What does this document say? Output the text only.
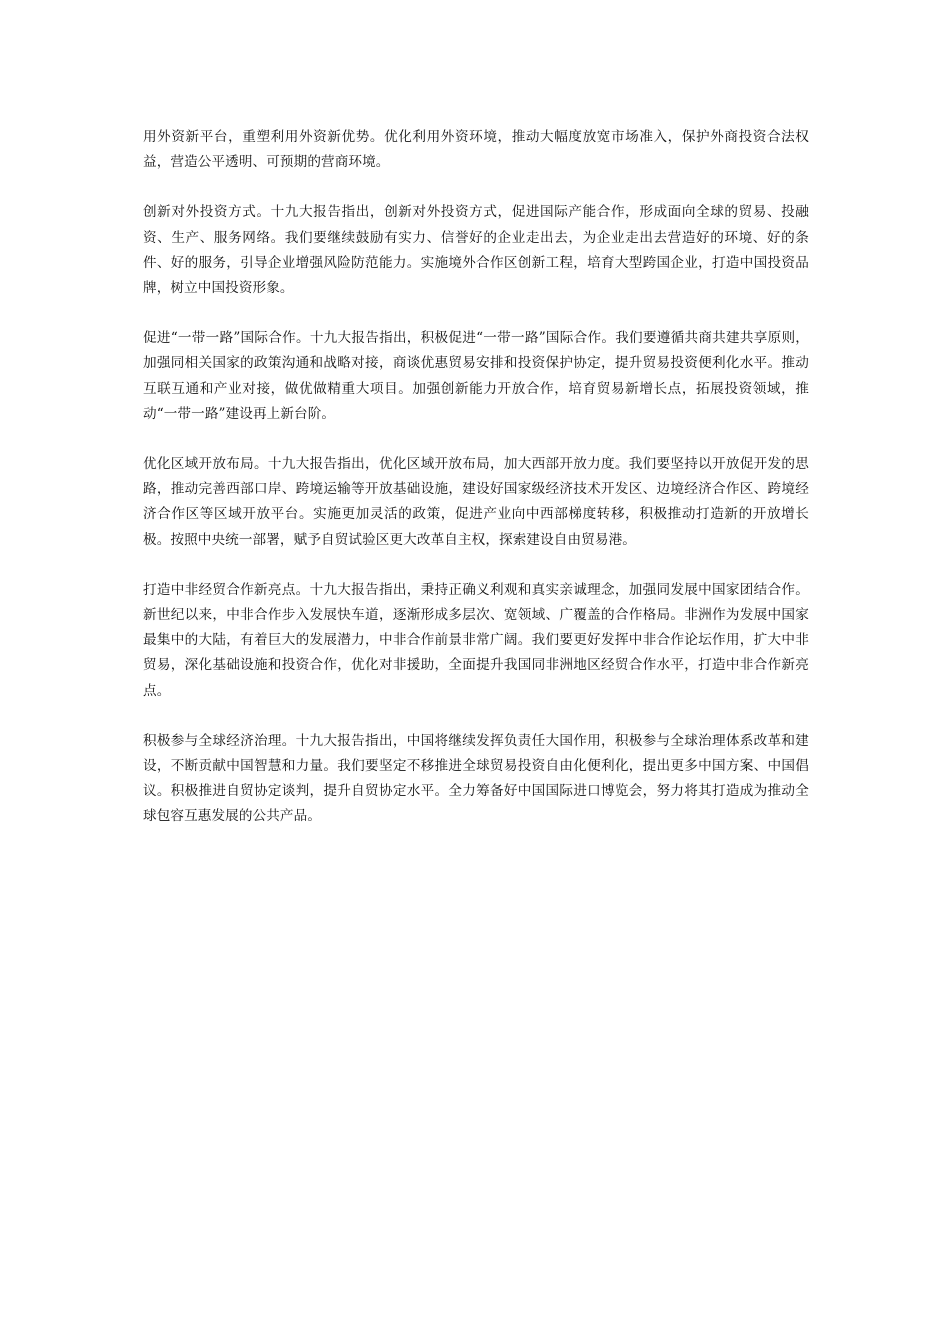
用外资新平台，重塑利用外资新优势。优化利用外资环境，推动大幅度放宽市场准入，保护外商投资合法权益，营造公平透明、可预期的营商环境。

创新对外投资方式。十九大报告指出，创新对外投资方式，促进国际产能合作，形成面向全球的贸易、投融资、生产、服务网络。我们要继续鼓励有实力、信誉好的企业走出去，为企业走出去营造好的环境、好的条件、好的服务，引导企业增强风险防范能力。实施境外合作区创新工程，培育大型跨国企业，打造中国投资品牌，树立中国投资形象。

促进“一带一路”国际合作。十九大报告指出，积极促进“一带一路”国际合作。我们要遵循共商共建共享原则，加强同相关国家的政策沟通和战略对接，商谈优惠贸易安排和投资保护协定，提升贸易投资便利化水平。推动互联互通和产业对接，做优做精重大项目。加强创新能力开放合作，培育贸易新增长点，拓展投资领域，推动“一带一路”建设再上新台阶。

优化区域开放布局。十九大报告指出，优化区域开放布局，加大西部开放力度。我们要坚持以开放促开发的思路，推动完善西部口岸、跨境运输等开放基础设施，建设好国家级经济技术开发区、边境经济合作区、跨境经济合作区等区域开放平台。实施更加灵活的政策，促进产业向中西部梯度转移，积极推动打造新的开放增长极。按照中央统一部署，赋予自贸试验区更大改革自主权，探索建设自由贸易港。

打造中非经贸合作新亮点。十九大报告指出，秉持正确义利观和真实亲诚理念，加强同发展中国家团结合作。新世纪以来，中非合作步入发展快车道，逐渐形成多层次、宽领域、广覆盖的合作格局。非洲作为发展中国家最集中的大陆，有着巨大的发展潜力，中非合作前景非常广阔。我们要更好发挥中非合作论坛作用，扩大中非贸易，深化基础设施和投资合作，优化对非援助，全面提升我国同非洲地区经贸合作水平，打造中非合作新亮点。

积极参与全球经济治理。十九大报告指出，中国将继续发挥负责任大国作用，积极参与全球治理体系改革和建设，不断贡献中国智慧和力量。我们要坚定不移推进全球贸易投资自由化便利化，提出更多中国方案、中国倡议。积极推进自贸协定谈判，提升自贸协定水平。全力筹备好中国国际进口博览会，努力将其打造成为推动全球包容互惠发展的公共产品。
